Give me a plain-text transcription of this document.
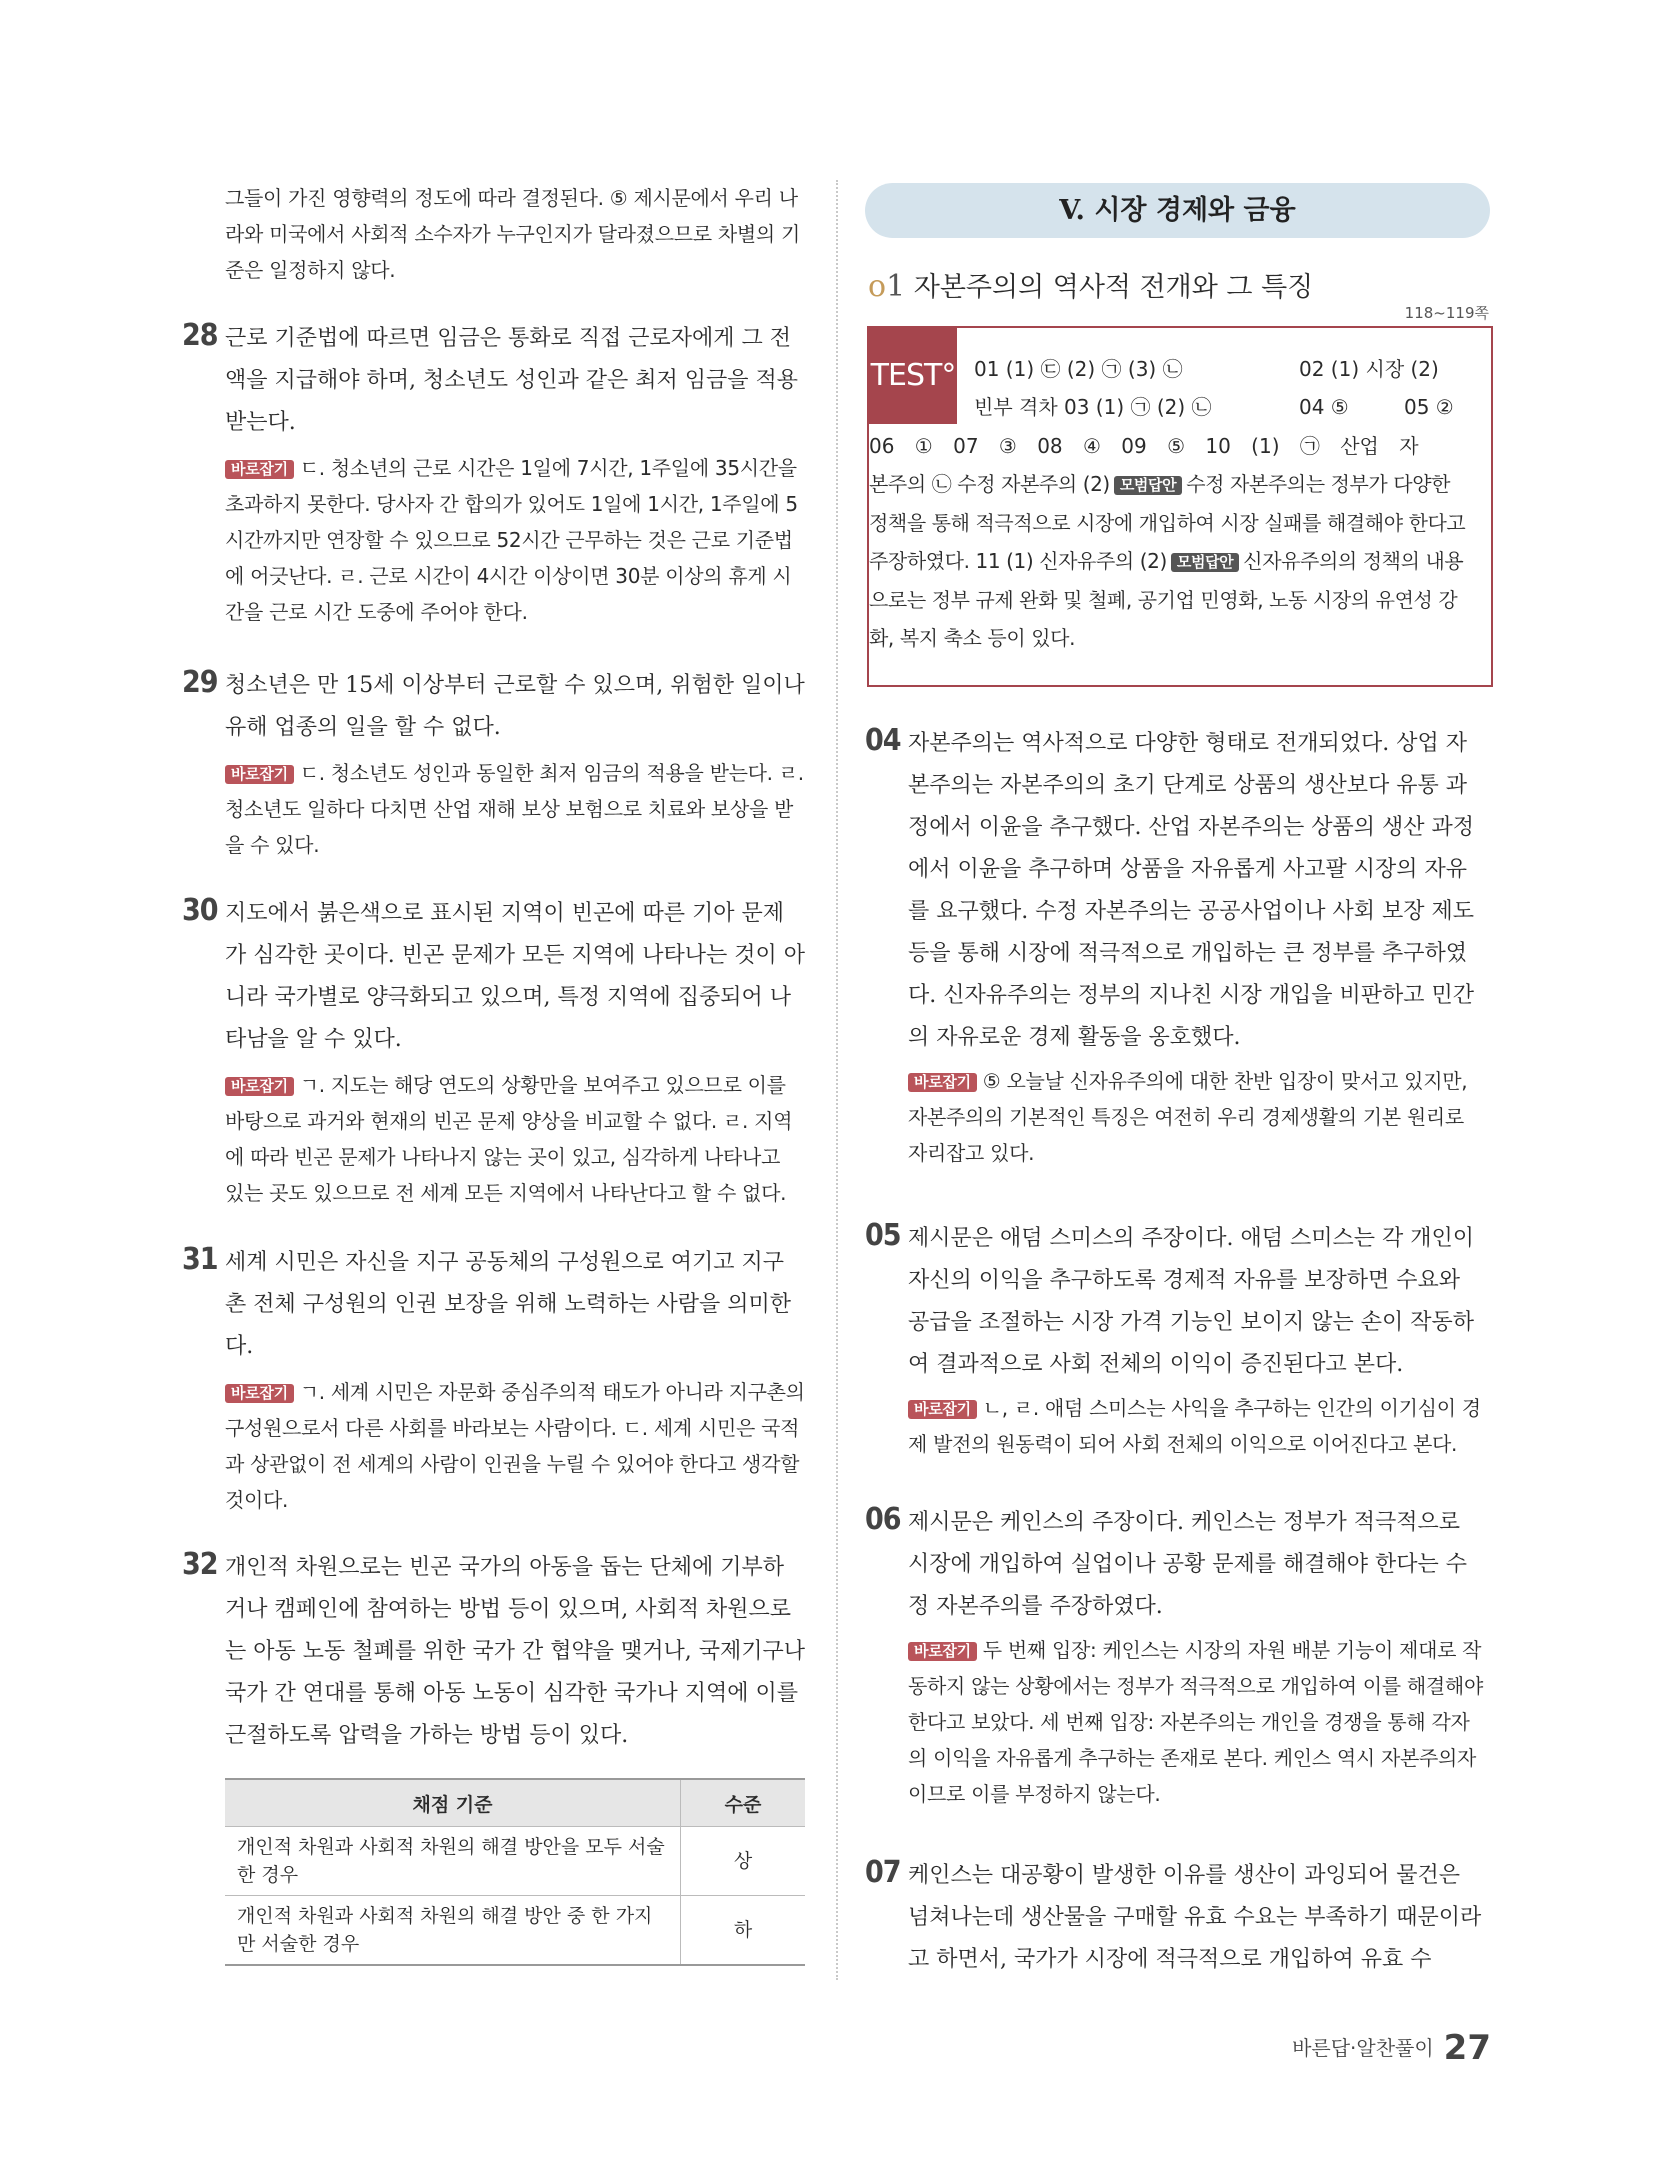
그들이 가진 영향력의 정도에 따라 결정된다. ⑤ 제시문에서 우리 나라와 미국에서 사회적 소수자가 누구인지가 달라졌으므로 차별의 기준은 일정하지 않다.
28 근로 기준법에 따르면 임금은 통화로 직접 근로자에게 그 전액을 지급해야 하며, 청소년도 성인과 같은 최저 임금을 적용받는다.
바로잡기 ㄷ. 청소년의 근로 시간은 1일에 7시간, 1주일에 35시간을 초과하지 못한다. 당사자 간 합의가 있어도 1일에 1시간, 1주일에 5시간까지만 연장할 수 있으므로 52시간 근무하는 것은 근로 기준법에 어긋난다. ㄹ. 근로 시간이 4시간 이상이면 30분 이상의 휴게 시간을 근로 시간 도중에 주어야 한다.
29 청소년은 만 15세 이상부터 근로할 수 있으며, 위험한 일이나 유해 업종의 일을 할 수 없다.
바로잡기 ㄷ. 청소년도 성인과 동일한 최저 임금의 적용을 받는다. ㄹ. 청소년도 일하다 다치면 산업 재해 보상 보험으로 치료와 보상을 받을 수 있다.
30 지도에서 붉은색으로 표시된 지역이 빈곤에 따른 기아 문제가 심각한 곳이다. 빈곤 문제가 모든 지역에 나타나는 것이 아니라 국가별로 양극화되고 있으며, 특정 지역에 집중되어 나타남을 알 수 있다.
바로잡기 ㄱ. 지도는 해당 연도의 상황만을 보여주고 있으므로 이를 바탕으로 과거와 현재의 빈곤 문제 양상을 비교할 수 없다. ㄹ. 지역에 따라 빈곤 문제가 나타나지 않는 곳이 있고, 심각하게 나타나고 있는 곳도 있으므로 전 세계 모든 지역에서 나타난다고 할 수 없다.
31 세계 시민은 자신을 지구 공동체의 구성원으로 여기고 지구촌 전체 구성원의 인권 보장을 위해 노력하는 사람을 의미한다.
바로잡기 ㄱ. 세계 시민은 자문화 중심주의적 태도가 아니라 지구촌의 구성원으로서 다른 사회를 바라보는 사람이다. ㄷ. 세계 시민은 국적과 상관없이 전 세계의 사람이 인권을 누릴 수 있어야 한다고 생각할 것이다.
32 개인적 차원으로는 빈곤 국가의 아동을 돕는 단체에 기부하거나 캠페인에 참여하는 방법 등이 있으며, 사회적 차원으로는 아동 노동 철폐를 위한 국가 간 협약을 맺거나, 국제기구나 국가 간 연대를 통해 아동 노동이 심각한 국가나 지역에 이를 근절하도록 압력을 가하는 방법 등이 있다.
채점 기준	수준
개인적 차원과 사회적 차원의 해결 방안을 모두 서술한 경우	상
개인적 차원과 사회적 차원의 해결 방안 중 한 가지만 서술한 경우	하
V. 시장 경제와 금융
o1 자본주의의 역사적 전개와 그 특징
118~119쪽
TEST° 01 (1) ㉢ (2) ㉠ (3) ㉡	02 (1) 시장 (2)
빈부 격차 03 (1) ㉠ (2) ㉡	04 ⑤	05 ②
06 ① 07 ③ 08 ④ 09 ⑤ 10 (1) ㉠ 산업 자
본주의 ㉡ 수정 자본주의 (2) 모범답안 수정 자본주의는 정부가 다양한 정책을 통해 적극적으로 시장에 개입하여 시장 실패를 해결해야 한다고 주장하였다. 11 (1) 신자유주의 (2) 모범답안 신자유주의의 정책의 내용으로는 정부 규제 완화 및 철폐, 공기업 민영화, 노동 시장의 유연성 강화, 복지 축소 등이 있다.
04 자본주의는 역사적으로 다양한 형태로 전개되었다. 상업 자본주의는 자본주의의 초기 단계로 상품의 생산보다 유통 과정에서 이윤을 추구했다. 산업 자본주의는 상품의 생산 과정에서 이윤을 추구하며 상품을 자유롭게 사고팔 시장의 자유를 요구했다. 수정 자본주의는 공공사업이나 사회 보장 제도 등을 통해 시장에 적극적으로 개입하는 큰 정부를 추구하였다. 신자유주의는 정부의 지나친 시장 개입을 비판하고 민간의 자유로운 경제 활동을 옹호했다.
바로잡기 ⑤ 오늘날 신자유주의에 대한 찬반 입장이 맞서고 있지만, 자본주의의 기본적인 특징은 여전히 우리 경제생활의 기본 원리로 자리잡고 있다.
05 제시문은 애덤 스미스의 주장이다. 애덤 스미스는 각 개인이 자신의 이익을 추구하도록 경제적 자유를 보장하면 수요와 공급을 조절하는 시장 가격 기능인 보이지 않는 손이 작동하여 결과적으로 사회 전체의 이익이 증진된다고 본다.
바로잡기 ㄴ, ㄹ. 애덤 스미스는 사익을 추구하는 인간의 이기심이 경제 발전의 원동력이 되어 사회 전체의 이익으로 이어진다고 본다.
06 제시문은 케인스의 주장이다. 케인스는 정부가 적극적으로 시장에 개입하여 실업이나 공황 문제를 해결해야 한다는 수정 자본주의를 주장하였다.
바로잡기 두 번째 입장: 케인스는 시장의 자원 배분 기능이 제대로 작동하지 않는 상황에서는 정부가 적극적으로 개입하여 이를 해결해야 한다고 보았다. 세 번째 입장: 자본주의는 개인을 경쟁을 통해 각자의 이익을 자유롭게 추구하는 존재로 본다. 케인스 역시 자본주의자이므로 이를 부정하지 않는다.
07 케인스는 대공황이 발생한 이유를 생산이 과잉되어 물건은 넘쳐나는데 생산물을 구매할 유효 수요는 부족하기 때문이라고 하면서, 국가가 시장에 적극적으로 개입하여 유효 수
바른답·알찬풀이 27
